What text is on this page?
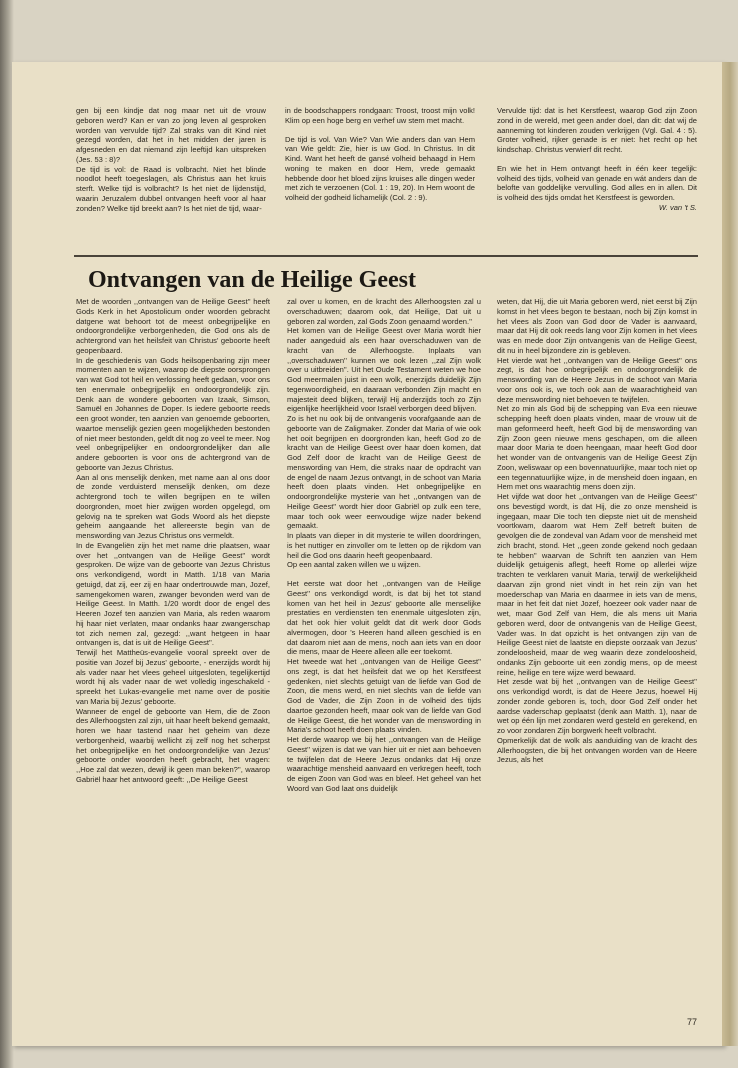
gen bij een kindje dat nog maar net uit de vrouw geboren werd? Kan er van zo jong leven al gesproken worden van vervulde tijd? Zal straks van dit Kind niet gezegd worden, dat het in het midden der jaren is afgesneden en dat niemand zijn leeftijd kan uitspreken (Jes. 53 : 8)?

De tijd is vol: de Raad is volbracht. Niet het blinde noodlot heeft toegeslagen, als Christus aan het kruis sterft. Welke tijd is volbracht? Is het niet de lijdenstijd, waarin Jeruzalem dubbel ontvangen heeft voor al haar zonden? Welke tijd breekt aan? Is het niet de tijd, waar-

in de boodschappers rondgaan: Troost, troost mijn volk! Klim op een hoge berg en verhef uw stem met macht.

De tijd is vol. Van Wie? Van Wie anders dan van Hem van Wie geldt: Zie, hier is uw God. In Christus. In dit Kind. Want het heeft de gansé volheid behaagd in Hem woning te maken en door Hem, vrede gemaakt hebbende door het bloed zijns kruises alle dingen weder met zich te verzoenen (Col. 1 : 19, 20). In Hem woont de volheid der godheid lichamelijk (Col. 2 : 9).

Vervulde tijd: dat is het Kerstfeest, waarop God zijn Zoon zond in de wereld, met geen ander doel, dan dit: dat wij de aanneming tot kinderen zouden verkrijgen (Vgl. Gal. 4 : 5). Groter volheid, rijker genade is er niet: het recht op het kindschap. Christus verwierf dit recht.

En wie het in Hem ontvangt heeft in één keer tegelijk: volheid des tijds, volheid van genade en wát anders dan de beloftе van goddelijke vervulling. God alles en in allen. Dit is volheid des tijds omdat het Kerstfeest is geworden.

W. van 't S.

Ontvangen van de Heilige Geest

Met de woorden ,,ontvangen van de Heilige Geest'' heeft Gods Kerk in het Apostolicum onder woorden gebracht datgene wat behoort tot de meest onbegrijpelijke en ondoorgrondelijke verborgenheden, die God ons als de achtergrond van het heilsfeit van Christus' geboorte heeft geopenbaard.

In de geschiedenis van Gods heilsopenbaring zijn meer momenten aan te wijzen, waarop de diepste oorsprongen van wat God tot heil en verlossing heeft gedaan, voor ons ten enenmale onbegrijpelijk en ondoorgrondelijk zijn. Denk aan de wondere geboorten van Izaak, Simson, Samuël en Johannes de Doper. Is iedere geboorte reeds een groot wonder, ten aanzien van genoemde geboorten, waartoe menselijk gezien geen mogelijkheden bestonden of niet meer bestonden, geldt dit nog zo veel te meer. Nog veel onbegrijpelijker en ondoorgrondelijker dan alle andere geboorten is voor ons de achtergrond van de geboorte van Jezus Christus.

Aan al ons menselijk denken, met name aan al ons door de zonde verduisterd menselijk denken, om deze achtergrond toch te willen begrijpen en te willen doorgronden, moet hier zwijgen worden opgelegd, om gelovig na te spreken wat Gods Woord als het diepste geheim aangaande het allereerste begin van de menswording van Jezus Christus ons vermeldt.

In de Evangeliën zijn het met name drie plaatsen, waar over het ,,ontvangen van de Heilige Geest'' wordt gesproken. De wijze van de geboorte van Jezus Christus ons verkondigend, wordt in Matth. 1/18 van Maria getuigd, dat zij, eer zij en haar ondertrouwde man, Jozef, samengekomen waren, zwanger bevonden werd van de Heilige Geest. In Matth. 1/20 wordt door de engel des Heeren Jozef ten aanzien van Maria, als reden waarom hij haar niet verlaten, maar ondanks haar zwangerschap tot zich nemen zal, gezegd: ,,want hetgeen in haar ontvangen is, dat is uit de Heilige Geest''.

Terwijl het Mattheüs-evangelie vooral spreekt over de positie van Jozef bij Jezus' geboorte, - enerzijds wordt hij als vader naar het vlees geheel uitgesloten, tegelijkertijd wordt hij als vader naar de wet volledig ingeschakeld - spreekt het Lukas-evangelie met name over de positie van Maria bij Jezus' geboorte.

Wanneer de engel de geboorte van Hem, die de Zoon des Allerhoogsten zal zijn, uit haar heeft bekend gemaakt, horen we haar tastend naar het geheim van deze verborgenheid, waarbij wellicht zij zelf nog het scherpst het onbegrijpelijke en het ondoorgrondelijke van Jezus' geboorte onder woorden heeft gebracht, het vragen: ,,Hoe zal dat wezen, dewijl ik geen man beken?'', waarop Gabriël haar het antwoord geeft: ,,De Heilige Geest

zal over u komen, en de kracht des Allerhoogsten zal u overschaduwen; daarom ook, dat Heilige, Dat uit u geboren zal worden, zal Gods Zoon genaamd worden.''

Het komen van de Heilige Geest over Maria wordt hier nader aangeduid als een haar overschaduwen van de kracht van de Allerhoogste. Inplaats van ,,overschaduwen'' kunnen we ook lezen ,,zal Zijn wolk over u uitbreiden''. Uit het Oude Testament weten we hoe God meermalen juist in een wolk, enerzijds duidelijk Zijn tegenwoordigheid, en daaraan verbonden Zijn macht en majesteit deed blijken, terwijl Hij anderzijds toch zo Zijn eigenlijke heerlijkheid voor Israël verborgen deed blijven.

Zo is het nu ook bij de ontvangenis voorafgaande aan de geboorte van de Zaligmaker. Zonder dat Maria of wie ook het ooit begrijpen en doorgronden kan, heeft God zo de kracht van de Heilige Geest over haar doen komen, dat God Zelf door de kracht van de Heilige Geest de menswording van Hem, die straks naar de opdracht van de engel de naam Jezus ontvangt, in de schoot van Maria heeft doen plaats vinden. Het onbegrijpelijke en ondoorgrondelijke mysterie van het ,,ontvangen van de Heilige Geest'' wordt hier door Gabriël op zulk een tere, maar toch ook weer eenvoudige wijze nader bekend gemaakt.

In plaats van dieper in dit mysterie te willen doordringen, is het nuttiger en zinvoller om te letten op de rijkdom van heil die God ons daarin heeft geopenbaard.

Op een aantal zaken willen we u wijzen.

Het eerste wat door het ,,ontvangen van de Heilige Geest'' ons verkondigd wordt, is dat bij het tot stand komen van het heil in Jezus' geboorte alle menselijke prestaties en verdiensten ten enenmale uitgesloten zijn, dat het ook hier voluit geldt dat dit werk door Gods alvermogen, door 's Heeren hand alleen geschied is en dat daarom niet aan de mens, noch aan iets van en door die mens, maar de Heere alleen alle eer toekomt.

Het tweede wat het ,,ontvangen van de Heilige Geest'' ons zegt, is dat het heilsfeit dat we op het Kerstfeest gedenken, niet slechts getuigt van de liefde van God de Zoon, die mens werd, en niet slechts van de liefde van God de Vader, die Zijn Zoon in de volheid des tijds daartoe gezonden heeft, maar ook van de liefde van God de Heilige Geest, die het wonder van de menswording in Maria's schoot heeft doen plaats vinden.

Het derde waarop we bij het ,,ontvangen van de Heilige Geest'' wijzen is dat we van hier uit er niet aan behoeven te twijfelen dat de Heere Jezus ondanks dat Hij onze waarachtige mensheid aanvaard en verkregen heeft, toch de eigen Zoon van God was en bleef. Het geheel van het Woord van God laat ons duidelijk

weten, dat Hij, die uit Maria geboren werd, niet eerst bij Zijn komst in het vlees begon te bestaan, noch bij Zijn komst in het vlees als Zoon van God door de Vader is aanvaard, maar dat Hij dit ook reeds lang voor Zijn komen in het vlees was en mede door Zijn ontvangenis van de Heilige Geest, dit nu in heel bijzondere zin is gebleven.

Het vierde wat het ,,ontvangen van de Heilige Geest'' ons zegt, is dat hoe onbegrijpelijk en ondoorgrondelijk de menswording van de Heere Jezus in de schoot van Maria voor ons ook is, we toch ook aan de waarachtigheid van deze menswording niet behoeven te twijfelen.

Net zo min als God bij de schepping van Eva een nieuwe schepping heeft doen plaats vinden, maar de vrouw uit de man geformeerd heeft, heeft God bij de menswording van Zijn Zoon geen nieuwe mens geschapen, om die alleen maar door Maria te doen heengaan, maar heeft God door het wonder van de ontvangenis van de Heilige Geest Zijn Zoon, weliswaar op een bovennatuurlijke, maar toch niet op een tegennatuurlijke wijze, in de mensheid doen ingaan, en Hem met ons waarachtig mens doen zijn.

Het vijfde wat door het ,,ontvangen van de Heilige Geest'' ons bevestigd wordt, is dat Hij, die zo onze mensheid is ingegaan, maar Die toch ten diepste niet uit de mensheid voortkwam, daarom wat Hem Zelf betreft buiten de gevolgen die de zondeval van Adam voor de mensheid met zich bracht, stond. Het ,,geen zonde gekend noch gedaan te hebben'' waarvan de Schrift ten aanzien van Hem duidelijk getuigenis aflegt, heeft Rome op allerlei wijze trachten te verklaren vanuit Maria, terwijl de werkelijkheid daarvan zijn grond niet vindt in het rein zijn van het moederschap van Maria en daarmee in iets van de mens, maar in het feit dat niet Jozef, hoezeer ook vader naar de wet, maar God Zelf van Hem, die als mens uit Maria geboren werd, door de ontvangenis van de Heilige Geest, Vader was. In dat opzicht is het ontvangen zijn van de Heilige Geest niet de laatste en diepste oorzaak van Jezus' zondeloosheid, maar de weg waarin deze zondeloosheid, ondanks Zijn geboorte uit een zondig mens, op de meest reine, heilige en tere wijze werd bewaard.

Het zesde wat bij het ,,ontvangen van de Heilige Geest'' ons verkondigd wordt, is dat de Heere Jezus, hoewel Hij zonder zonde geboren is, toch, door God Zelf onder het aardse vaderschap geplaatst (denk aan Matth. 1), naar de wet op één lijn met zondaren werd gesteld en gerekend, en zo voor zondaren Zijn borgwerk heeft volbracht.

Opmerkelijk dat de wolk als aanduiding van de kracht des Allerhoogsten, die bij het ontvangen worden van de Heere Jezus, als het

77
